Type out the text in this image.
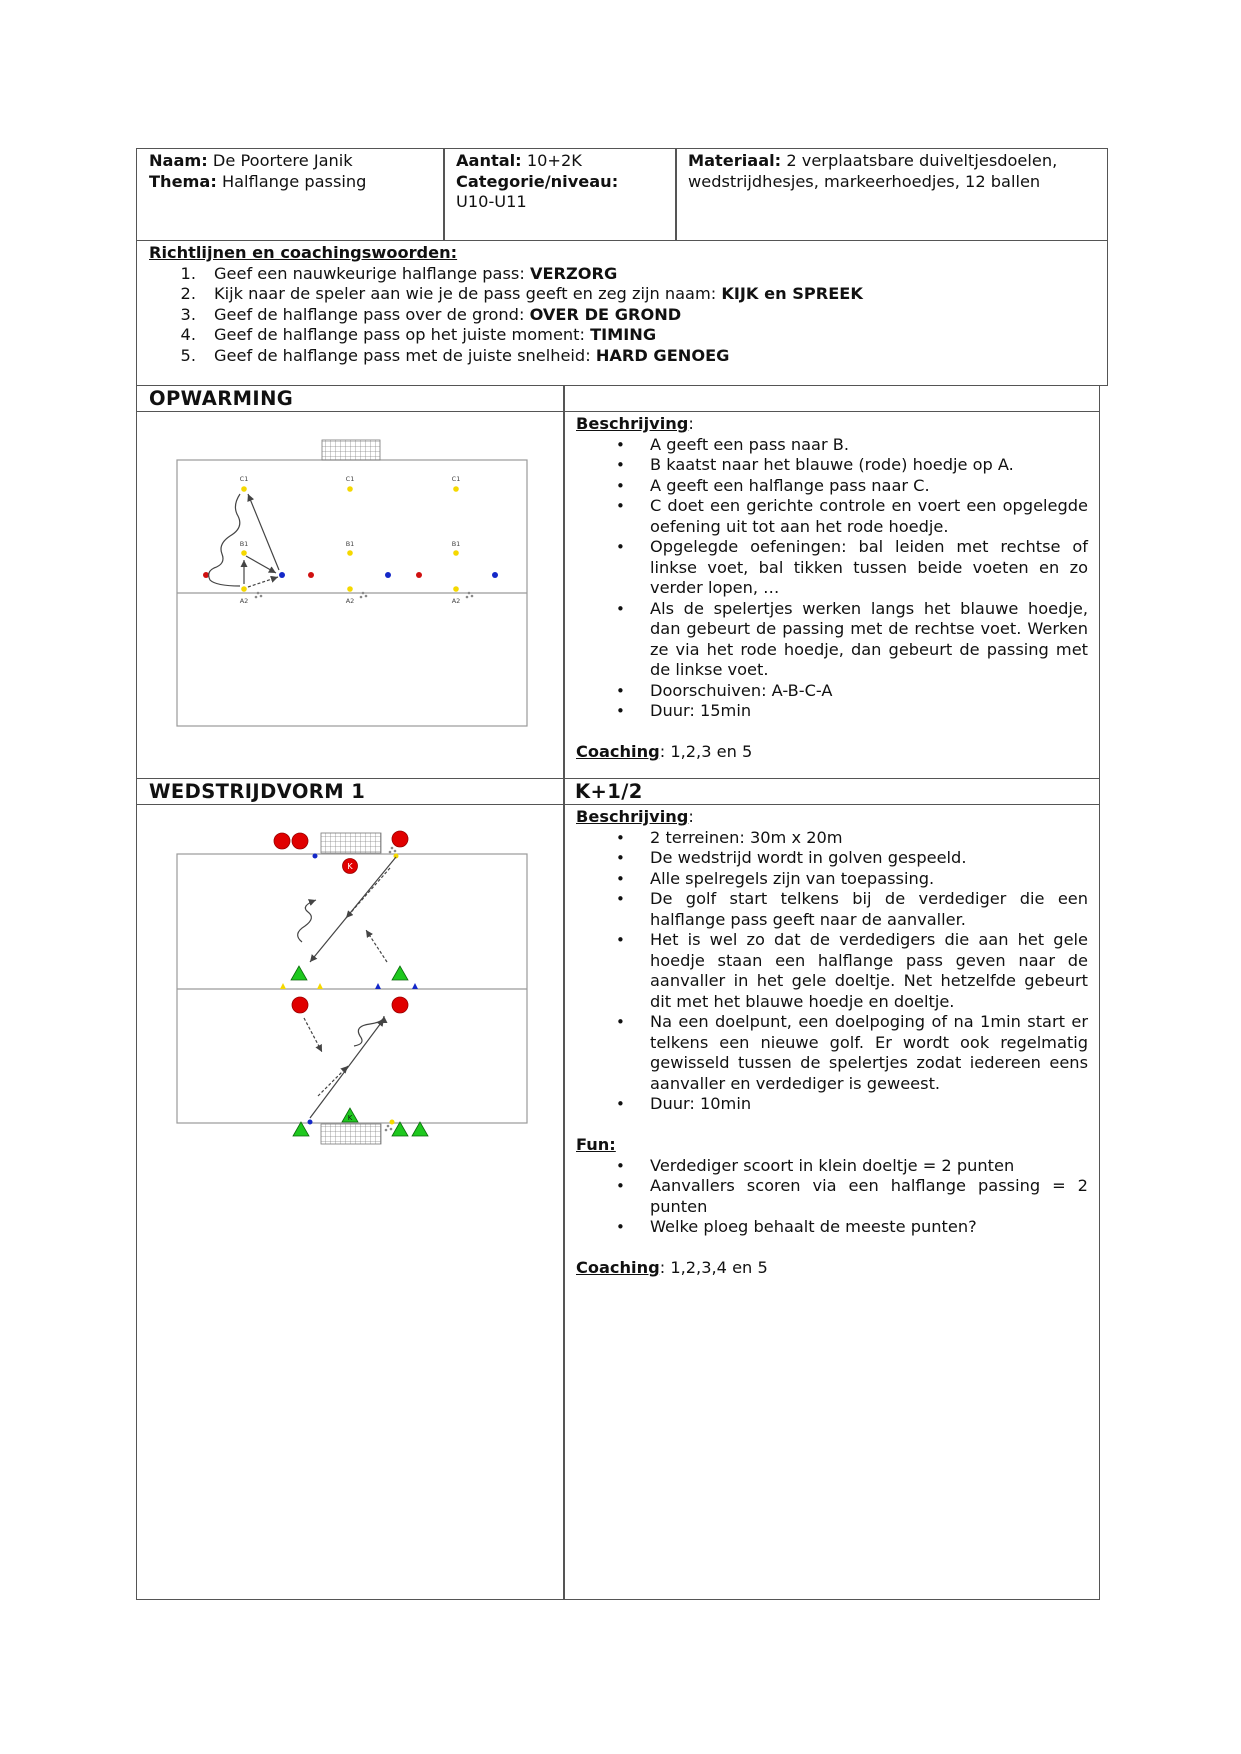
Naam: De Poortere Janik
Thema: Halflange passing
Aantal: 10+2K
Categorie/niveau:
U10-U11
Materiaal: 2 verplaatsbare duiveltjesdoelen, wedstrijdhesjes, markeerhoedjes, 12 ballen
Richtlijnen en coachingswoorden:
1. Geef een nauwkeurige halflange pass: VERZORG
2. Kijk naar de speler aan wie je de pass geeft en zeg zijn naam: KIJK en SPREEK
3. Geef de halflange pass over de grond: OVER DE GROND
4. Geef de halflange pass op het juiste moment: TIMING
5. Geef de halflange pass met de juiste snelheid: HARD GENOEG
OPWARMING
C1	C1	C1
B1	B1	B1
A2	A2	A2
Beschrijving:
• A geeft een pass naar B.
• B kaatst naar het blauwe (rode) hoedje op A.
• A geeft een halflange pass naar C.
• C doet een gerichte controle en voert een opgelegde oefening uit tot aan het rode hoedje.
• Opgelegde oefeningen: bal leiden met rechtse of linkse voet, bal tikken tussen beide voeten en zo verder lopen, …
• Als de spelertjes werken langs het blauwe hoedje, dan gebeurt de passing met de rechtse voet. Werken ze via het rode hoedje, dan gebeurt de passing met de linkse voet.
• Doorschuiven: A-B-C-A
• Duur: 15min
Coaching: 1,2,3 en 5
WEDSTRIJDVORM 1	K+1/2
K
K
Beschrijving:
• 2 terreinen: 30m x 20m
• De wedstrijd wordt in golven gespeeld.
• Alle spelregels zijn van toepassing.
• De golf start telkens bij de verdediger die een halflange pass geeft naar de aanvaller.
• Het is wel zo dat de verdedigers die aan het gele hoedje staan een halflange pass geven naar de aanvaller in het gele doeltje. Net hetzelfde gebeurt dit met het blauwe hoedje en doeltje.
• Na een doelpunt, een doelpoging of na 1min start er telkens een nieuwe golf. Er wordt ook regelmatig gewisseld tussen de spelertjes zodat iedereen eens aanvaller en verdediger is geweest.
• Duur: 10min
Fun:
• Verdediger scoort in klein doeltje = 2 punten
• Aanvallers scoren via een halflange passing = 2 punten
• Welke ploeg behaalt de meeste punten?
Coaching: 1,2,3,4 en 5
